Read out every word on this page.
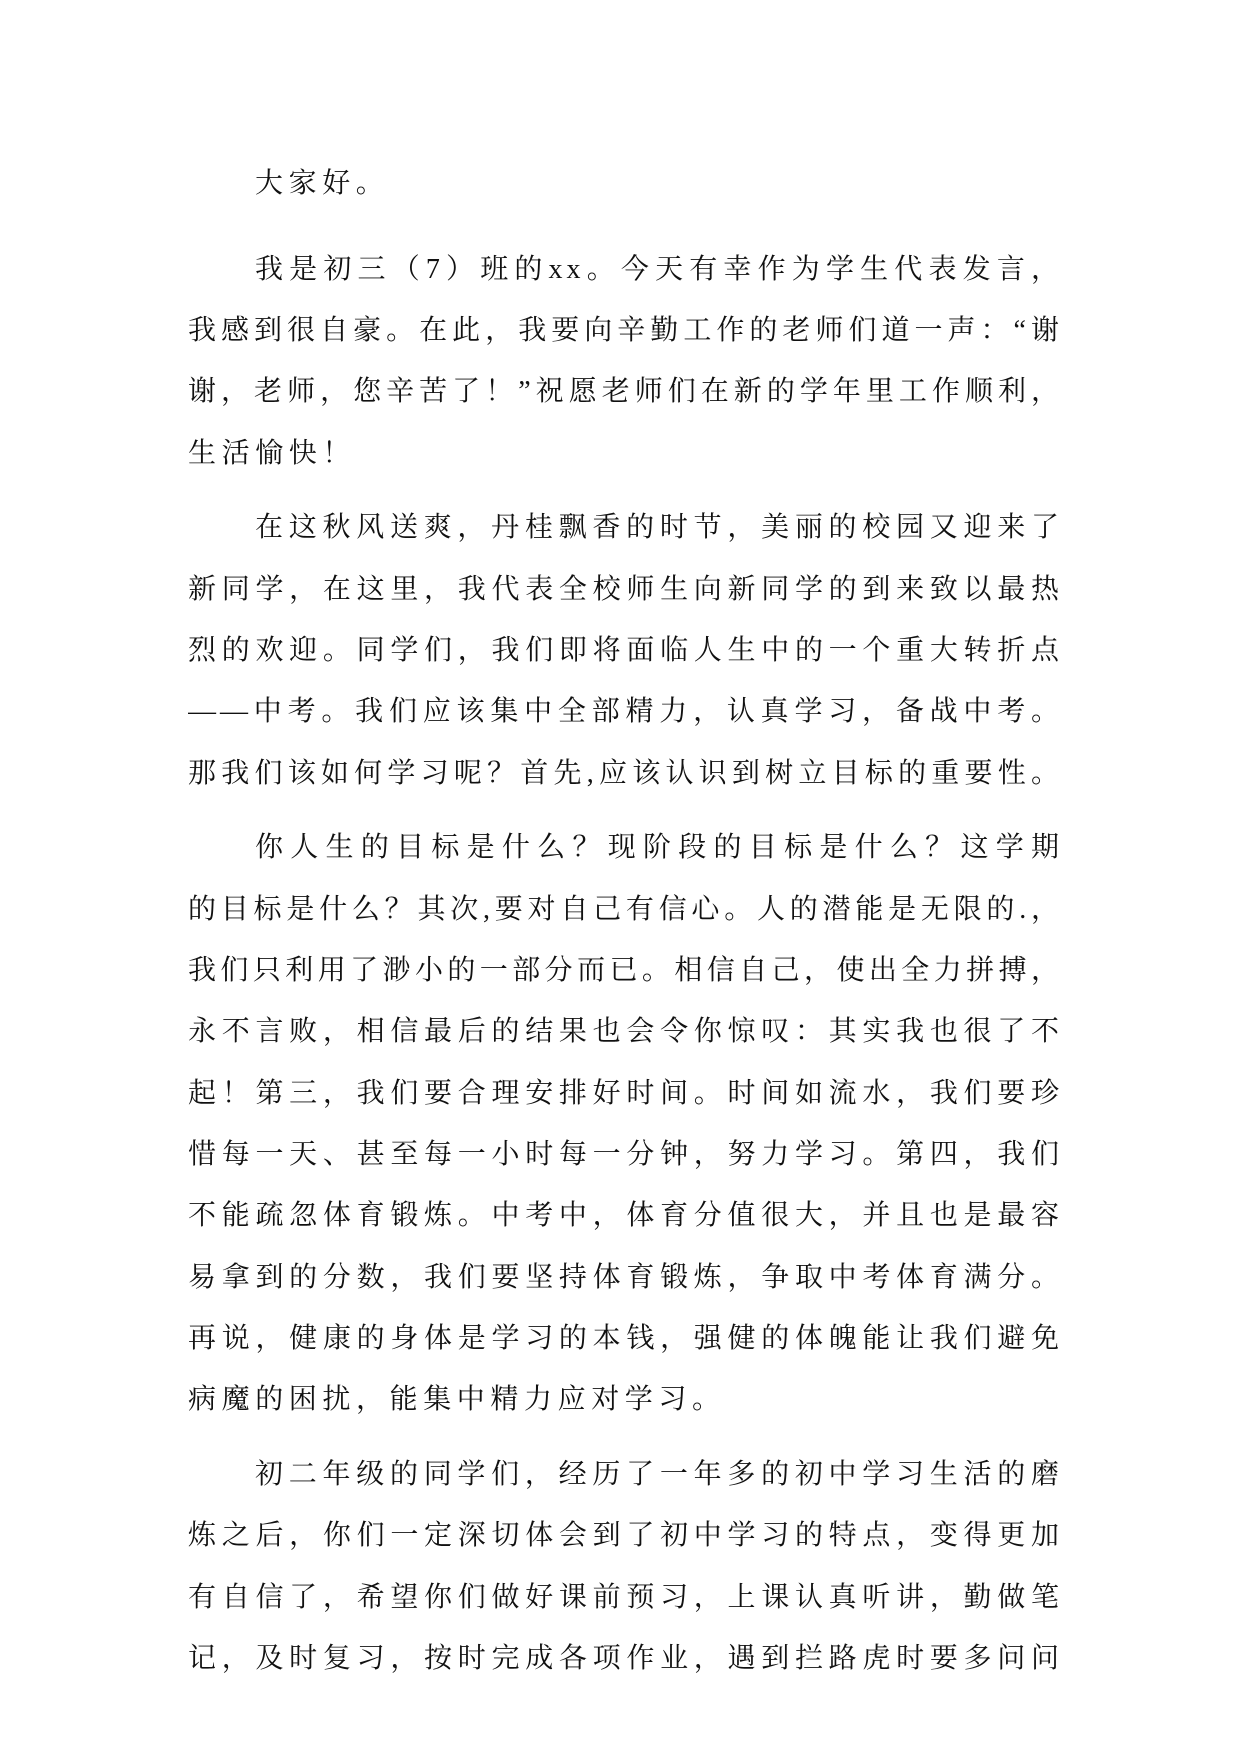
大家好。
我是初三（7）班的xx。今天有幸作为学生代表发言，
我感到很自豪。在此，我要向辛勤工作的老师们道一声：“谢
谢，老师，您辛苦了！”祝愿老师们在新的学年里工作顺利，
生活愉快！
在这秋风送爽，丹桂飘香的时节，美丽的校园又迎来了
新同学，在这里，我代表全校师生向新同学的到来致以最热
烈的欢迎。同学们，我们即将面临人生中的一个重大转折点
——中考。我们应该集中全部精力，认真学习，备战中考。
那我们该如何学习呢？首先,应该认识到树立目标的重要性。
你人生的目标是什么？现阶段的目标是什么？这学期
的目标是什么？其次,要对自己有信心。人的潜能是无限的.，
我们只利用了渺小的一部分而已。相信自己，使出全力拼搏，
永不言败，相信最后的结果也会令你惊叹：其实我也很了不
起！第三，我们要合理安排好时间。时间如流水，我们要珍
惜每一天、甚至每一小时每一分钟，努力学习。第四，我们
不能疏忽体育锻炼。中考中，体育分值很大，并且也是最容
易拿到的分数，我们要坚持体育锻炼，争取中考体育满分。
再说，健康的身体是学习的本钱，强健的体魄能让我们避免
病魔的困扰，能集中精力应对学习。
初二年级的同学们，经历了一年多的初中学习生活的磨
炼之后，你们一定深切体会到了初中学习的特点，变得更加
有自信了，希望你们做好课前预习，上课认真听讲，勤做笔
记，及时复习，按时完成各项作业，遇到拦路虎时要多问问
